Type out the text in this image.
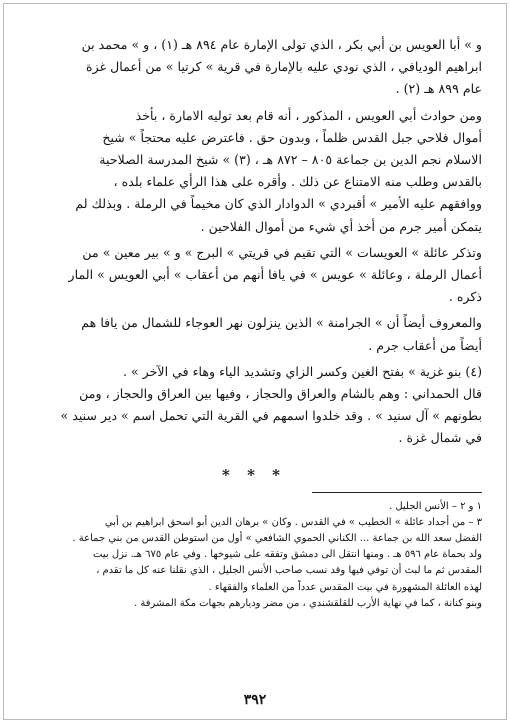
و » أبا العويس بن أبي بكر ، الذي تولى الإمارة عام ٨٩٤ هـ (١) ، و » محمد بن
ابراهيم الوديافي ، الذي نودي عليه بالإمارة في قرية » كرتيا » من أعمال غزة
عام ٨٩٩ هـ (٢) .

ومن حوادث أبي العويس ، المذكور ، أنه قام بعد توليه الامارة ، بأخذ
أموال فلاحي جبل القدس ظلماً ، وبدون حق . فاعترض عليه محتجاً » شيخ
الاسلام نجم الدين بن جماعة ٨٠٥ – ٨٧٢ هـ ، (٣) » شيخ المدرسة الصلاحية
بالقدس وطلب منه الامتناع عن ذلك . وأقره على هذا الرأي علماء بلده ،
ووافقهم عليه الأمير » أقبردي » الدوادار الذي كان مخيماً في الرملة . وبذلك لم
يتمكن أمير جرم من أخذ أي شيء من أموال الفلاحين .

وتذكر عائلة » العويسات » التي تقيم في قريتي » البرج » و » بير معين » من
أعمال الرملة ، وعائلة » عويس » في يافا أنهم من أعقاب » أبي العويس » المار
ذكره .

والمعروف أيضاً أن » الجرامنة » الذين ينزلون نهر العوجاء للشمال من يافا هم
أيضاً من أعقاب جرم .

(٤) بنو غزية » بفتح الغين وكسر الزاي وتشديد الياء وهاء في الآخر » .
قال الحمداني : وهم بالشام والعراق والحجاز ، وفيها بين العراق والحجاز ، ومن
بطونهم » آل سنيد » . وقد خلدوا اسمهم في القرية التي تحمل اسم » دير سنيد »
في شمال غزة .

* * *
١ و ٢ – الأنس الجليل .
٣ – من أجداد عائلة » الخطيب » في القدس . وكان » برهان الدين أبو اسحق ابراهيم بن أبي
الفضل سعد الله بن جماعة ... الكناني الحموي الشافعي » أول من استوطن القدس من بني جماعة .
ولد بحماة عام ٥٩٦ هـ . ومنها انتقل الى دمشق وتفقه على شيوخها . وفي عام ٦٧٥ هـ. نزل بيت
المقدس ثم ما لبث أن توفي فيها وقد نسب صاحب الأنس الجليل ، الذي نقلنا عنه كل ما تقدم ،
لهذه العائلة المشهورة في بيت المقدس عدداً من العلماء والفقهاء .
وبنو كنانة ، كما في نهاية الأرب للقلقشندي ، من مضر وديارهم بجهات مكة المشرفة .
٣٩٢
